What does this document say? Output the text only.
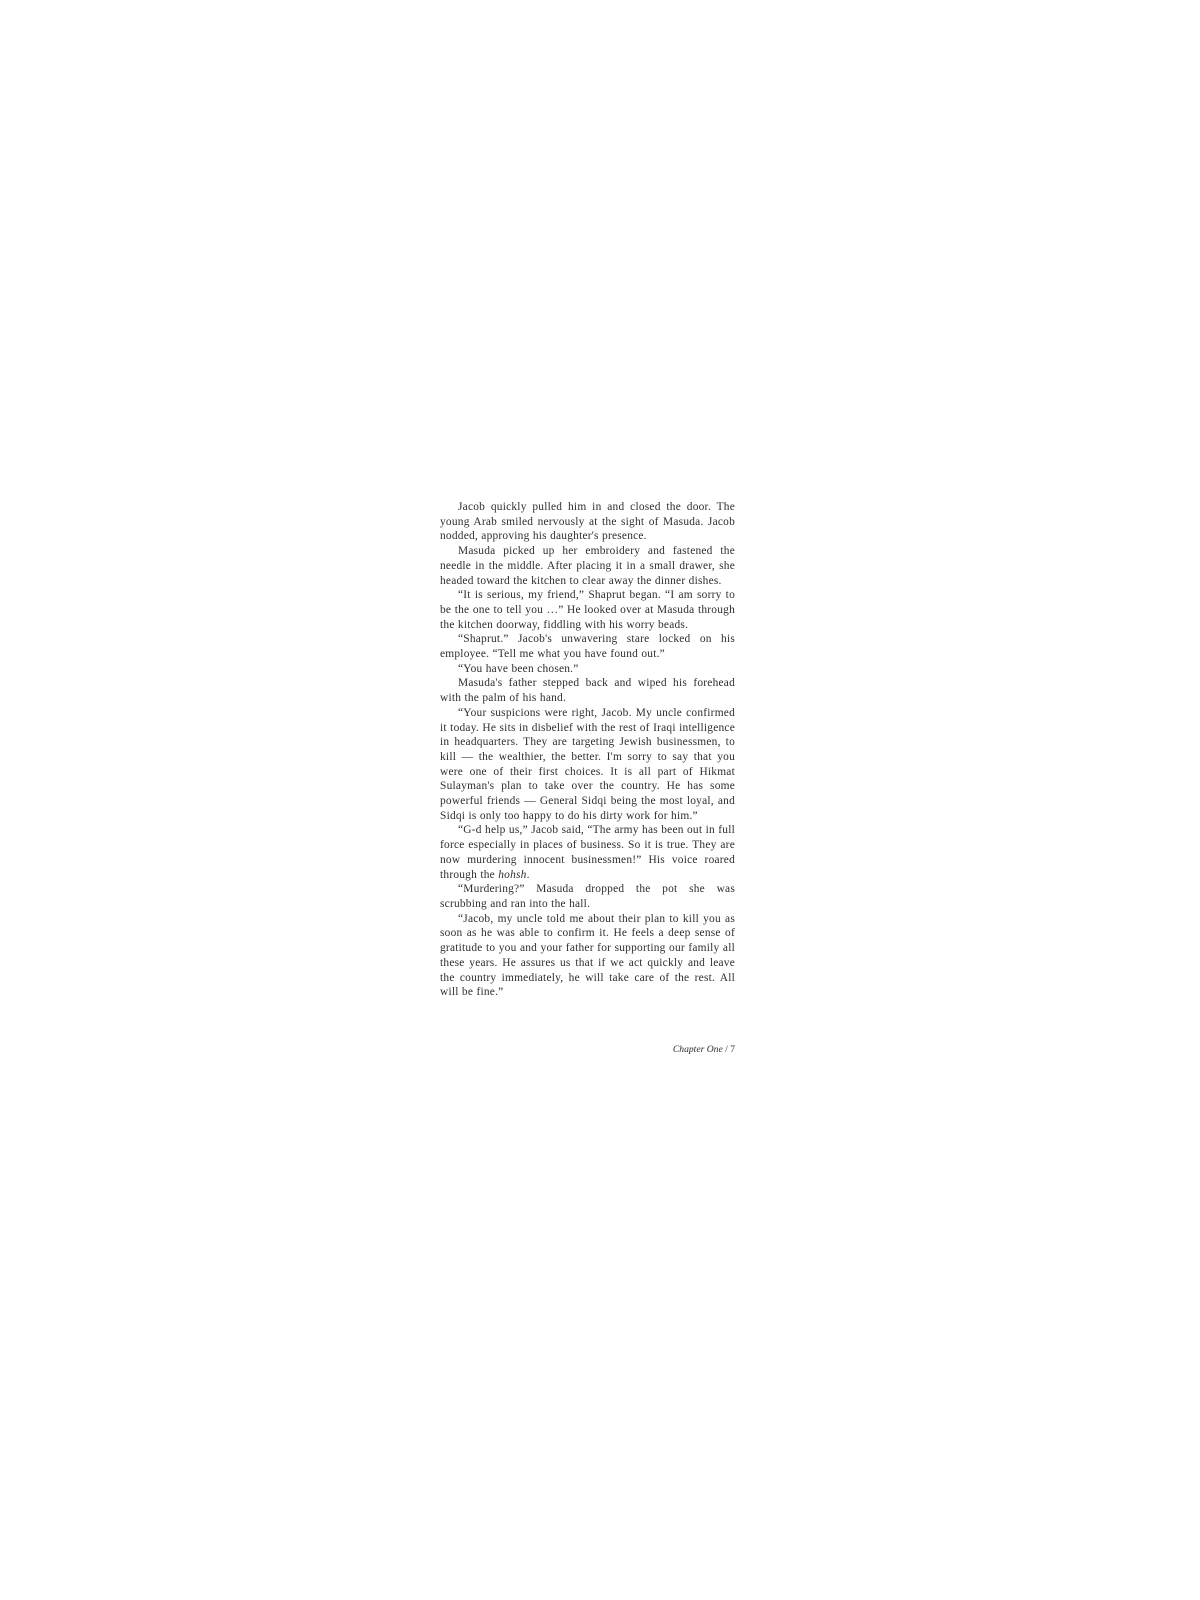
Jacob quickly pulled him in and closed the door. The young Arab smiled nervously at the sight of Masuda. Jacob nodded, approving his daughter's presence.

Masuda picked up her embroidery and fastened the needle in the middle. After placing it in a small drawer, she headed toward the kitchen to clear away the dinner dishes.

“It is serious, my friend,” Shaprut began. “I am sorry to be the one to tell you …” He looked over at Masuda through the kitchen doorway, fiddling with his worry beads.

“Shaprut.” Jacob's unwavering stare locked on his employee. “Tell me what you have found out.”

“You have been chosen.”

Masuda's father stepped back and wiped his forehead with the palm of his hand.

“Your suspicions were right, Jacob. My uncle confirmed it today. He sits in disbelief with the rest of Iraqi intelligence in headquarters. They are targeting Jewish businessmen, to kill — the wealthier, the better. I'm sorry to say that you were one of their first choices. It is all part of Hikmat Sulayman's plan to take over the country. He has some powerful friends — General Sidqi being the most loyal, and Sidqi is only too happy to do his dirty work for him.”

“G-d help us,” Jacob said, “The army has been out in full force especially in places of business. So it is true. They are now murdering innocent businessmen!” His voice roared through the hohsh.

“Murdering?” Masuda dropped the pot she was scrubbing and ran into the hall.

“Jacob, my uncle told me about their plan to kill you as soon as he was able to confirm it. He feels a deep sense of gratitude to you and your father for supporting our family all these years. He assures us that if we act quickly and leave the country immediately, he will take care of the rest. All will be fine.”

Chapter One / 7
